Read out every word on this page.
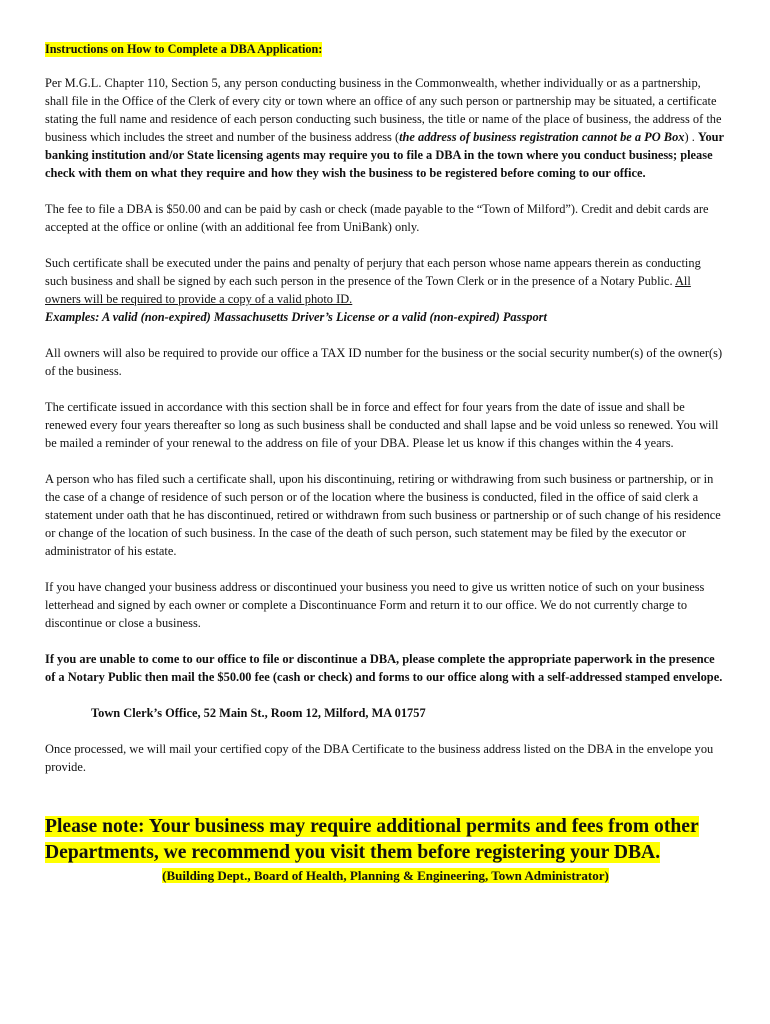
Instructions on How to Complete a DBA Application:

Per M.G.L. Chapter 110, Section 5, any person conducting business in the Commonwealth, whether individually or as a partnership, shall file in the Office of the Clerk of every city or town where an office of any such person or partnership may be situated, a certificate stating the full name and residence of each person conducting such business, the title or name of the place of business, the address of the business which includes the street and number of the business address (the address of business registration cannot be a PO Box) . Your banking institution and/or State licensing agents may require you to file a DBA in the town where you conduct business; please check with them on what they require and how they wish the business to be registered before coming to our office.

The fee to file a DBA is $50.00 and can be paid by cash or check (made payable to the “Town of Milford”). Credit and debit cards are accepted at the office or online (with an additional fee from UniBank) only.

Such certificate shall be executed under the pains and penalty of perjury that each person whose name appears therein as conducting such business and shall be signed by each such person in the presence of the Town Clerk or in the presence of a Notary Public. All owners will be required to provide a copy of a valid photo ID.
Examples: A valid (non-expired) Massachusetts Driver’s License or a valid (non-expired) Passport

All owners will also be required to provide our office a TAX ID number for the business or the social security number(s) of the owner(s) of the business.

The certificate issued in accordance with this section shall be in force and effect for four years from the date of issue and shall be renewed every four years thereafter so long as such business shall be conducted and shall lapse and be void unless so renewed. You will be mailed a reminder of your renewal to the address on file of your DBA. Please let us know if this changes within the 4 years.

A person who has filed such a certificate shall, upon his discontinuing, retiring or withdrawing from such business or partnership, or in the case of a change of residence of such person or of the location where the business is conducted, filed in the office of said clerk a statement under oath that he has discontinued, retired or withdrawn from such business or partnership or of such change of his residence or change of the location of such business. In the case of the death of such person, such statement may be filed by the executor or administrator of his estate.

If you have changed your business address or discontinued your business you need to give us written notice of such on your business letterhead and signed by each owner or complete a Discontinuance Form and return it to our office. We do not currently charge to discontinue or close a business.

If you are unable to come to our office to file or discontinue a DBA, please complete the appropriate paperwork in the presence of a Notary Public then mail the $50.00 fee (cash or check) and forms to our office along with a self-addressed stamped envelope.

Town Clerk’s Office, 52 Main St., Room 12, Milford, MA 01757

Once processed, we will mail your certified copy of the DBA Certificate to the business address listed on the DBA in the envelope you provide.

Please note: Your business may require additional permits and fees from other Departments, we recommend you visit them before registering your DBA.
(Building Dept., Board of Health, Planning & Engineering, Town Administrator)
